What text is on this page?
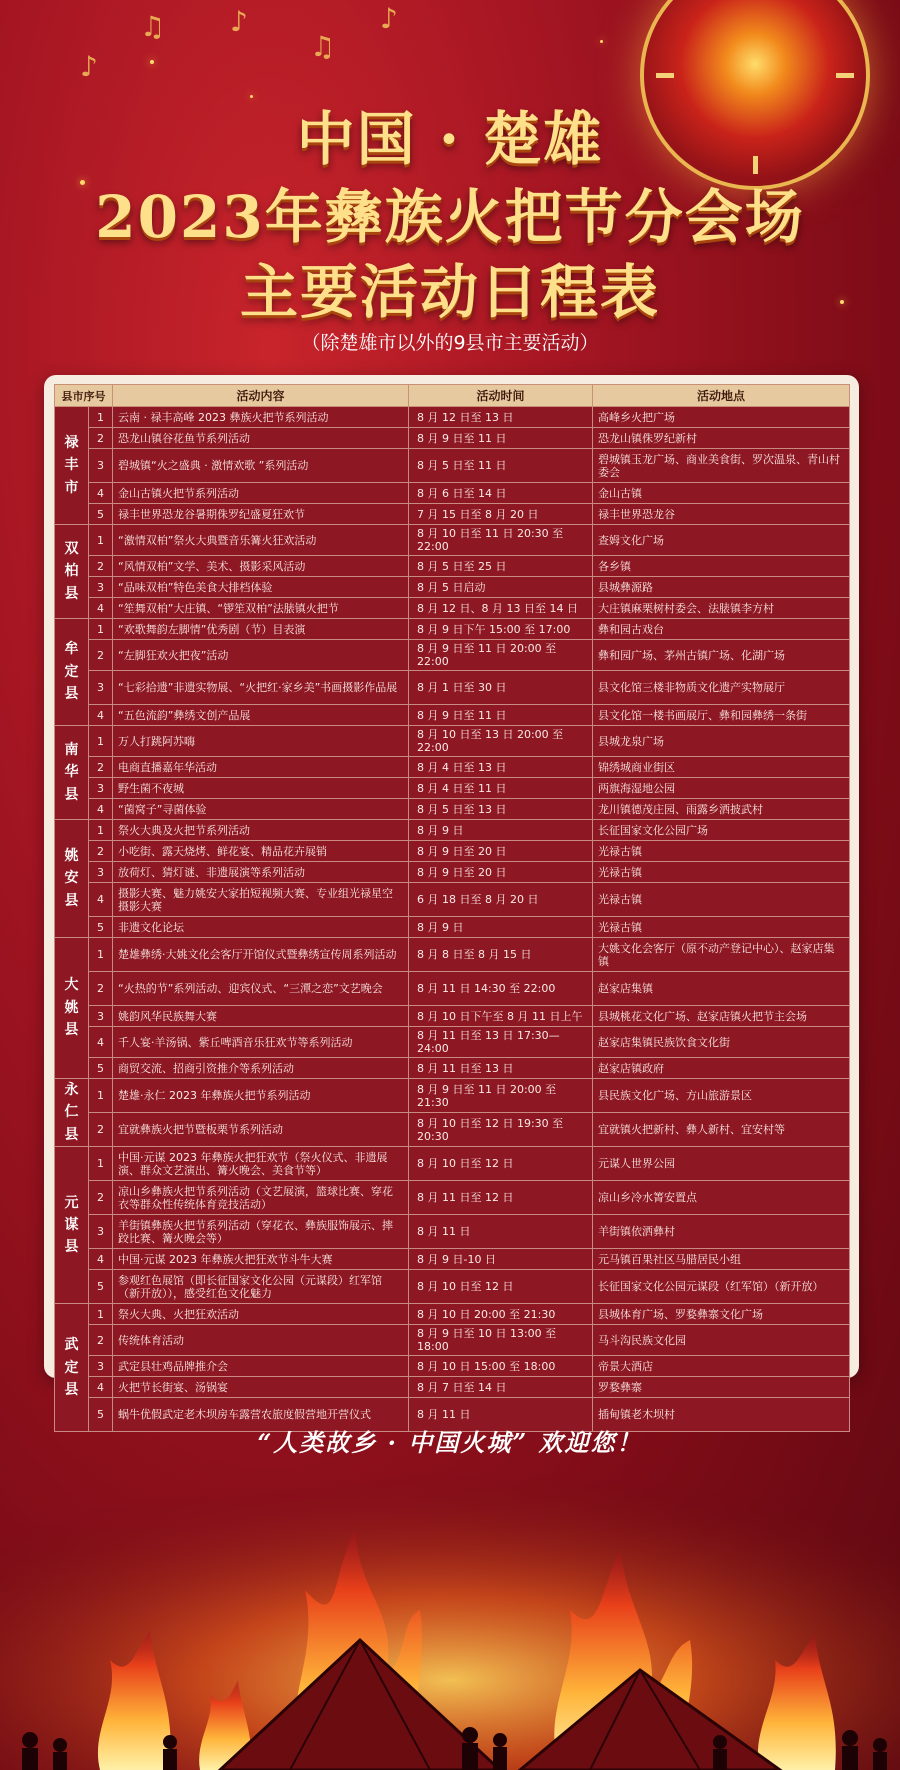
♪
♫ ♪
♫
♪
中国 · 楚雄
2023年彝族火把节分会场
主要活动日程表
（除楚雄市以外的9县市主要活动）
县市序号		活动内容	活动时间	活动地点
禄丰市	1	云南 · 禄丰高峰 2023 彝族火把节系列活动	8 月 12 日至 13 日	高峰乡火把广场
	2	恐龙山镇谷花鱼节系列活动	8 月 9 日至 11 日	恐龙山镇侏罗纪新村
	3	碧城镇“火之盛典 · 激情欢歌 ”系列活动	8 月 5 日至 11 日	碧城镇玉龙广场、商业美食街、罗次温泉、青山村委会
	4	金山古镇火把节系列活动	8 月 6 日至 14 日	金山古镇
	5	禄丰世界恐龙谷暑期侏罗纪盛夏狂欢节	7 月 15 日至 8 月 20 日	禄丰世界恐龙谷
双柏县	1	“激情双柏”祭火大典暨音乐篝火狂欢活动	8 月 10 日至 11 日 20:30 至 22:00	查姆文化广场
	2	“风情双柏”文学、美术、摄影采风活动	8 月 5 日至 25 日	各乡镇
	3	“品味双柏”特色美食大排档体验	8 月 5 日启动	县城彝源路
	4	“笙舞双柏”大庄镇、“锣笙双柏”法脿镇火把节	8 月 12 日、8 月 13 日至 14 日	大庄镇麻栗树村委会、法脿镇李方村
牟定县	1	“欢歌舞韵左脚情”优秀剧（节）目表演	8 月 9 日下午 15:00 至 17:00	彝和园古戏台
	2	“左脚狂欢火把夜”活动	8 月 9 日至 11 日 20:00 至 22:00	彝和园广场、茅州古镇广场、化湖广场
	3	“七彩拾遗”非遗实物展、“火把红·家乡美”书画摄影作品展	8 月 1 日至 30 日	县文化馆三楼非物质文化遗产实物展厅
	4	“五色流韵”彝绣文创产品展	8 月 9 日至 11 日	县文化馆一楼书画展厅、彝和园彝绣一条街
南华县	1	万人打跳阿苏嗨	8 月 10 日至 13 日 20:00 至 22:00	县城龙泉广场
	2	电商直播嘉年华活动	8 月 4 日至 13 日	锦绣城商业街区
	3	野生菌不夜城	8 月 4 日至 11 日	两旗海湿地公园
	4	“菌窝子”寻菌体验	8 月 5 日至 13 日	龙川镇德茂庄园、雨露乡洒披武村
姚安县	1	祭火大典及火把节系列活动	8 月 9 日	长征国家文化公园广场
	2	小吃街、露天烧烤、鲜花宴、精品花卉展销	8 月 9 日至 20 日	光禄古镇
	3	放荷灯、猜灯谜、非遗展演等系列活动	8 月 9 日至 20 日	光禄古镇
	4	摄影大赛、魅力姚安大家拍短视频大赛、专业组光禄星空摄影大赛	6 月 18 日至 8 月 20 日	光禄古镇
	5	非遗文化论坛	8 月 9 日	光禄古镇
大姚县	1	楚雄彝绣·大姚文化会客厅开馆仪式暨彝绣宣传周系列活动	8 月 8 日至 8 月 15 日	大姚文化会客厅（原不动产登记中心）、赵家店集镇
	2	“火热的节”系列活动、迎宾仪式、“三潭之恋”文艺晚会	8 月 11 日 14:30 至 22:00	赵家店集镇
	3	姚韵风华民族舞大赛	8 月 10 日下午至 8 月 11 日上午	县城桃花文化广场、赵家店镇火把节主会场
	4	千人宴·羊汤锅、紫丘啤酒音乐狂欢节等系列活动	8 月 11 日至 13 日 17:30—24:00	赵家店集镇民族饮食文化街
	5	商贸交流、招商引资推介等系列活动	8 月 11 日至 13 日	赵家店镇政府
永仁县	1	楚雄·永仁 2023 年彝族火把节系列活动	8 月 9 日至 11 日 20:00 至 21:30	县民族文化广场、方山旅游景区
	2	宜就彝族火把节暨板栗节系列活动	8 月 10 日至 12 日 19:30 至 20:30	宜就镇火把新村、彝人新村、宜安村等
元谋县	1	中国·元谋 2023 年彝族火把狂欢节（祭火仪式、非遗展演、群众文艺演出、篝火晚会、美食节等）	8 月 10 日至 12 日	元谋人世界公园
	2	凉山乡彝族火把节系列活动（文艺展演，篮球比赛、穿花衣等群众性传统体育竞技活动）	8 月 11 日至 12 日	凉山乡冷水箐安置点
	3	羊街镇彝族火把节系列活动（穿花衣、彝族服饰展示、摔跤比赛、篝火晚会等）	8 月 11 日	羊街镇依洒彝村
	4	中国·元谋 2023 年彝族火把狂欢节斗牛大赛	8 月 9 日-10 日	元马镇百果社区马腊居民小组
	5	参观红色展馆（即长征国家文化公园（元谋段）红军馆（新开放）），感受红色文化魅力	8 月 10 日至 12 日	长征国家文化公园元谋段（红军馆）（新开放）
武定县	1	祭火大典、火把狂欢活动	8 月 10 日 20:00 至 21:30	县城体育广场、罗婺彝寨文化广场
	2	传统体育活动	8 月 9 日至 10 日 13:00 至 18:00	马斗沟民族文化园
	3	武定县壮鸡品牌推介会	8 月 10 日 15:00 至 18:00	帝景大酒店
	4	火把节长街宴、汤锅宴	8 月 7 日至 14 日	罗婺彝寨
	5	蜗牛优假武定老木坝房车露营农旅度假营地开营仪式	8 月 11 日	插甸镇老木坝村
“人类故乡 · 中国火城” 欢迎您！
